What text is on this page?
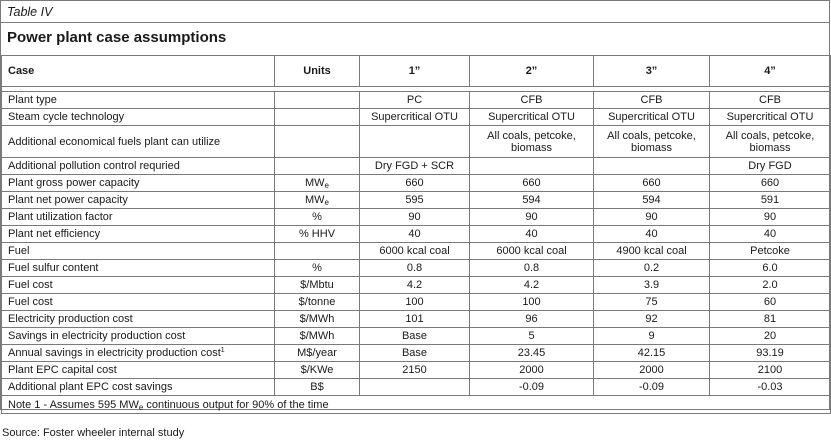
Table IV
Power plant case assumptions
Case	Units	1”	2”	3”	4”

Plant type		PC	CFB	CFB	CFB
Steam cycle technology		Supercritical OTU	Supercritical OTU	Supercritical OTU	Supercritical OTU
Additional economical fuels plant can utilize			All coals, petcoke, biomass	All coals, petcoke, biomass	All coals, petcoke, biomass
Additional pollution control requried		Dry FGD + SCR			Dry FGD
Plant gross power capacity	$MW_e$	660	660	660	660
Plant net power capacity	$MW_e$	595	594	594	591
Plant utilization factor	%	90	90	90	90
Plant net efficiency	% HHV	40	40	40	40
Fuel		6000 kcal coal	6000 kcal coal	4900 kcal coal	Petcoke
Fuel sulfur content	%	0.8	0.8	0.2	6.0
Fuel cost	$/Mbtu	4.2	4.2	3.9	2.0
Fuel cost	$/tonne	100	100	75	60
Electricity production cost	$/MWh	101	96	92	81
Savings in electricity production cost	$/MWh	Base	5	9	20
Annual savings in electricity production cost$^1$	M$/year	Base	23.45	42.15	93.19
Plant EPC capital cost	$/KWe	2150	2000	2000	2100
Additional plant EPC cost savings	B$		-0.09	-0.09	-0.03
Note 1 - Assumes 595 $MW_e$ continuous output for 90% of the time					
Source: Foster wheeler internal study
